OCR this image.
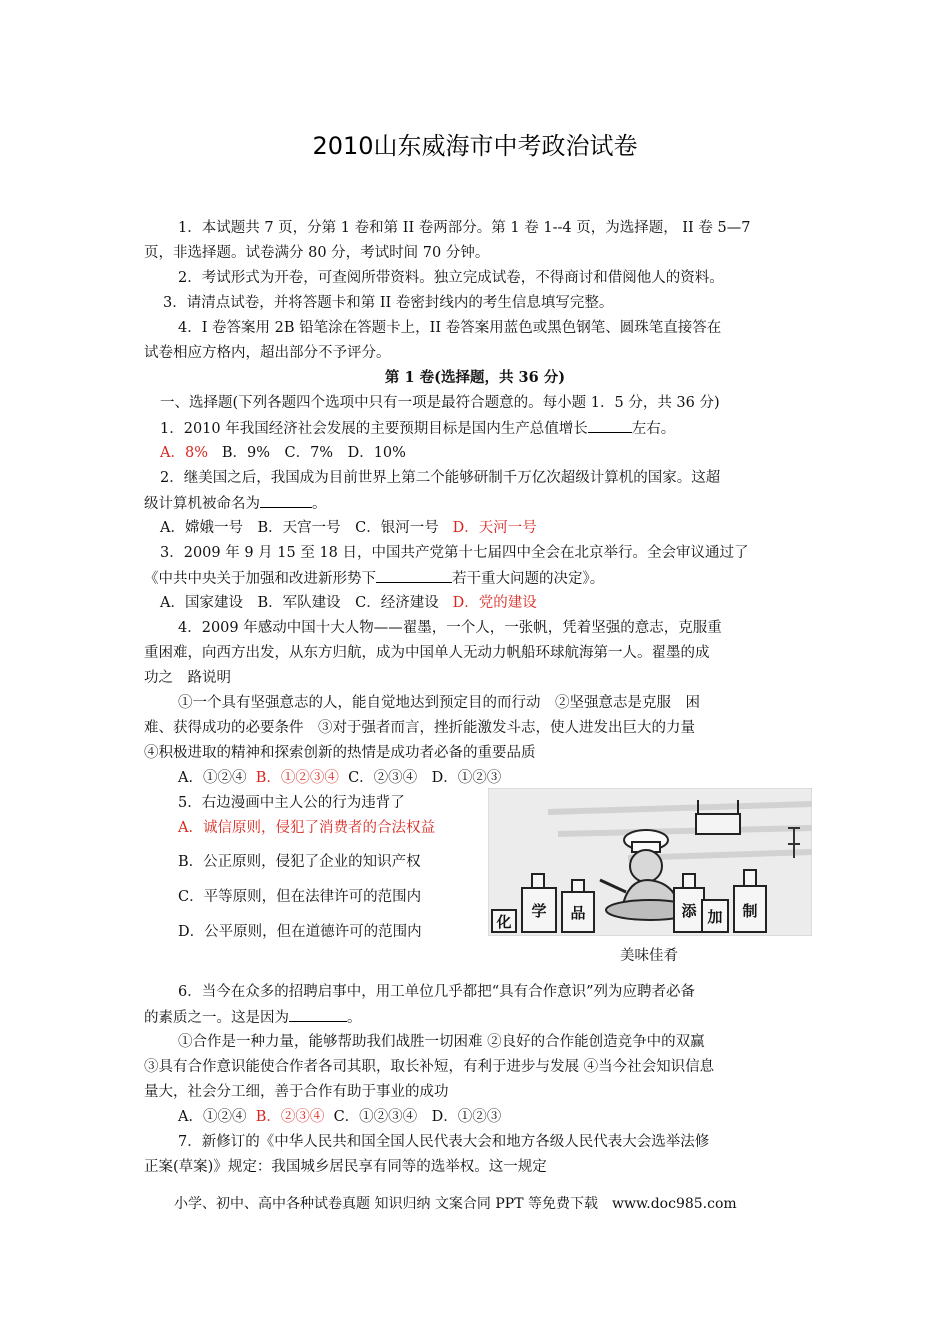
2010山东威海市中考政治试卷
1．本试题共 7 页，分第 1 卷和第 II 卷两部分。第 1 卷 1--4 页，为选择题， II 卷 5—7
页，非选择题。试卷满分 80 分，考试时间 70 分钟。
2．考试形式为开卷，可查阅所带资料。独立完成试卷，不得商讨和借阅他人的资料。
3．请清点试卷，并将答题卡和第 II 卷密封线内的考生信息填写完整。
4．I 卷答案用 2B 铅笔涂在答题卡上，II 卷答案用蓝色或黑色钢笔、圆珠笔直接答在
试卷相应方格内，超出部分不予评分。
第 1 卷(选择题，共 36 分)
一、选择题(下列各题四个选项中只有一项是最符合题意的。每小题 1．5 分，共 36 分)
1．2010 年我国经济社会发展的主要预期目标是国内生产总值增长	左右。
A．8% B．9%　C．7%　D．10%
2．继美国之后，我国成为目前世界上第二个能够研制千万亿次超级计算机的国家。这超
级计算机被命名为	。
A．嫦娥一号　B．天宫一号　C．银河一号 D．天河一号
3．2009 年 9 月 15 至 18 日，中国共产党第十七届四中全会在北京举行。全会审议通过了
《中共中央关于加强和改进新形势下	若干重大问题的决定》。
A．国家建设　B．军队建设　C．经济建设 D．党的建设
4．2009 年感动中国十大人物——翟墨，一个人，一张帆，凭着坚强的意志，克服重
重困难，向西方出发，从东方归航，成为中国单人无动力帆船环球航海第一人。翟墨的成
功之　路说明
①一个具有坚强意志的人，能自觉地达到预定目的而行动　②坚强意志是克服　困
难、获得成功的必要条件　③对于强者而言，挫折能激发斗志，使人进发出巨大的力量
④积极进取的精神和探索创新的热情是成功者必备的重要品质
A．①②④ B．①②③④ C．②③④　D．①②③
5．右边漫画中主人公的行为违背了
A．诚信原则，侵犯了消费者的合法权益
B．公正原则，侵犯了企业的知识产权
C．平等原则，但在法律许可的范围内
D．公平原则，但在道德许可的范围内
化
学 品	添 加 制
美味佳肴
6．当今在众多的招聘启事中，用工单位几乎都把“具有合作意识”列为应聘者必备
的素质之一。这是因为	。
①合作是一种力量，能够帮助我们战胜一切困难 ②良好的合作能创造竞争中的双赢
③具有合作意识能使合作者各司其职，取长补短，有利于进步与发展 ④当今社会知识信息
量大，社会分工细，善于合作有助于事业的成功
A．①②④ B．②③④ C．①②③④　D．①②③
7．新修订的《中华人民共和国全国人民代表大会和地方各级人民代表大会选举法修
正案(草案)》规定：我国城乡居民享有同等的选举权。这一规定
小学、初中、高中各种试卷真题 知识归纳 文案合同 PPT 等免费下载　www.doc985.com
